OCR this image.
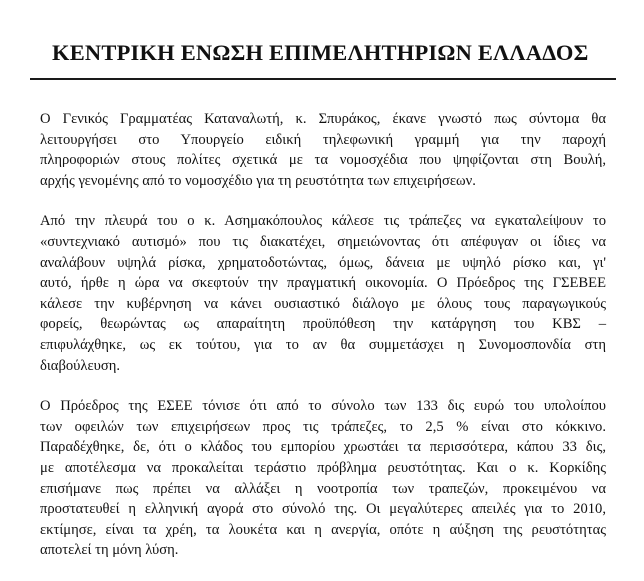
ΚΕΝΤΡΙΚΗ ΕΝΩΣΗ ΕΠΙΜΕΛΗΤΗΡΙΩΝ ΕΛΛΑΔΟΣ

Ο Γενικός Γραμματέας Καταναλωτή, κ. Σπυράκος, έκανε γνωστό πως σύντομα θα
λειτουργήσει στο Υπουργείο ειδική τηλεφωνική γραμμή για την παροχή
πληροφοριών στους πολίτες σχετικά με τα νομοσχέδια που ψηφίζονται στη Βουλή,
αρχής γενομένης από το νομοσχέδιο για τη ρευστότητα των επιχειρήσεων.

Από την πλευρά του ο κ. Ασημακόπουλος κάλεσε τις τράπεζες να εγκαταλείψουν το
«συντεχνιακό αυτισμό» που τις διακατέχει, σημειώνοντας ότι απέφυγαν οι ίδιες να
αναλάβουν υψηλά ρίσκα, χρηματοδοτώντας, όμως, δάνεια με υψηλό ρίσκο και, γι'
αυτό, ήρθε η ώρα να σκεφτούν την πραγματική οικονομία. Ο Πρόεδρος της ΓΣΕΒΕΕ
κάλεσε την κυβέρνηση να κάνει ουσιαστικό διάλογο με όλους τους παραγωγικούς
φορείς, θεωρώντας ως απαραίτητη προϋπόθεση την κατάργηση του ΚΒΣ –
επιφυλάχθηκε, ως εκ τούτου, για το αν θα συμμετάσχει η Συνομοσπονδία στη
διαβούλευση.

Ο Πρόεδρος της ΕΣΕΕ τόνισε ότι από το σύνολο των 133 δις ευρώ του υπολοίπου
των οφειλών των επιχειρήσεων προς τις τράπεζες, το 2,5 % είναι στο κόκκινο.
Παραδέχθηκε, δε, ότι ο κλάδος του εμπορίου χρωστάει τα περισσότερα, κάπου 33 δις,
με αποτέλεσμα να προκαλείται τεράστιο πρόβλημα ρευστότητας. Και ο κ. Κορκίδης
επισήμανε πως πρέπει να αλλάξει η νοοτροπία των τραπεζών, προκειμένου να
προστατευθεί η ελληνική αγορά στο σύνολό της. Οι μεγαλύτερες απειλές για το 2010,
εκτίμησε, είναι τα χρέη, τα λουκέτα και η ανεργία, οπότε η αύξηση της ρευστότητας
αποτελεί τη μόνη λύση.
